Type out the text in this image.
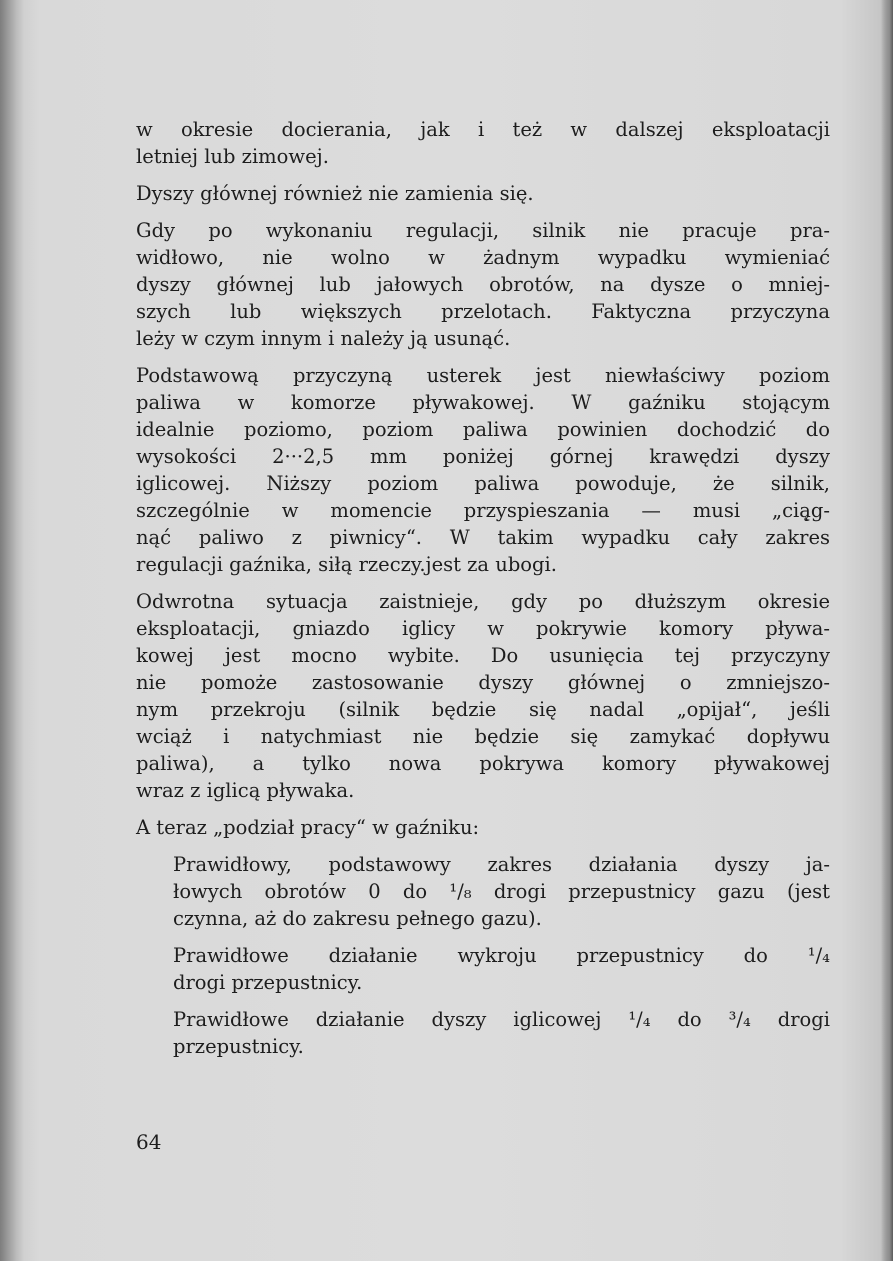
w okresie docierania, jak i też w dalszej eksploatacji
letniej lub zimowej.

Dyszy głównej również nie zamienia się.

Gdy po wykonaniu regulacji, silnik nie pracuje pra-
widłowo, nie wolno w żadnym wypadku wymieniać
dyszy głównej lub jałowych obrotów, na dysze o mniej-
szych lub większych przelotach. Faktyczna przyczyna
leży w czym innym i należy ją usunąć.

Podstawową przyczyną usterek jest niewłaściwy poziom
paliwa w komorze pływakowej. W gaźniku stojącym
idealnie poziomo, poziom paliwa powinien dochodzić do
wysokości 2···2,5 mm poniżej górnej krawędzi dyszy
iglicowej. Niższy poziom paliwa powoduje, że silnik,
szczególnie w momencie przyspieszania — musi „cią̨g-
nąć paliwo z piwnicy“. W takim wypadku cały zakres
regulacji gaźnika, siłą rzeczy.jest za ubogi.

Odwrotna sytuacja zaistnieje, gdy po dłuższym okresie
eksploatacji, gniazdo iglicy w pokrywie komory pływa-
kowej jest mocno wybite. Do usunięcia tej przyczyny
nie pomoże zastosowanie dyszy głównej o zmniejszo-
nym przekroju (silnik będzie się nadal „opijał“, jeśli
wciąż i natychmiast nie będzie się zamykać dopływu
paliwa), a tylko nowa pokrywa komory pływakowej
wraz z iglicą pływaka.

A teraz „podział pracy“ w gaźniku:

Prawidłowy, podstawowy zakres działania dyszy ja-
łowych obrotów 0 do ¹/₈ drogi przepustnicy gazu (jest
czynna, aż do zakresu pełnego gazu).

Prawidłowe działanie wykroju przepustnicy do ¹/₄
drogi przepustnicy.

Prawidłowe działanie dyszy iglicowej ¹/₄ do ³/₄ drogi
przepustnicy.

64
